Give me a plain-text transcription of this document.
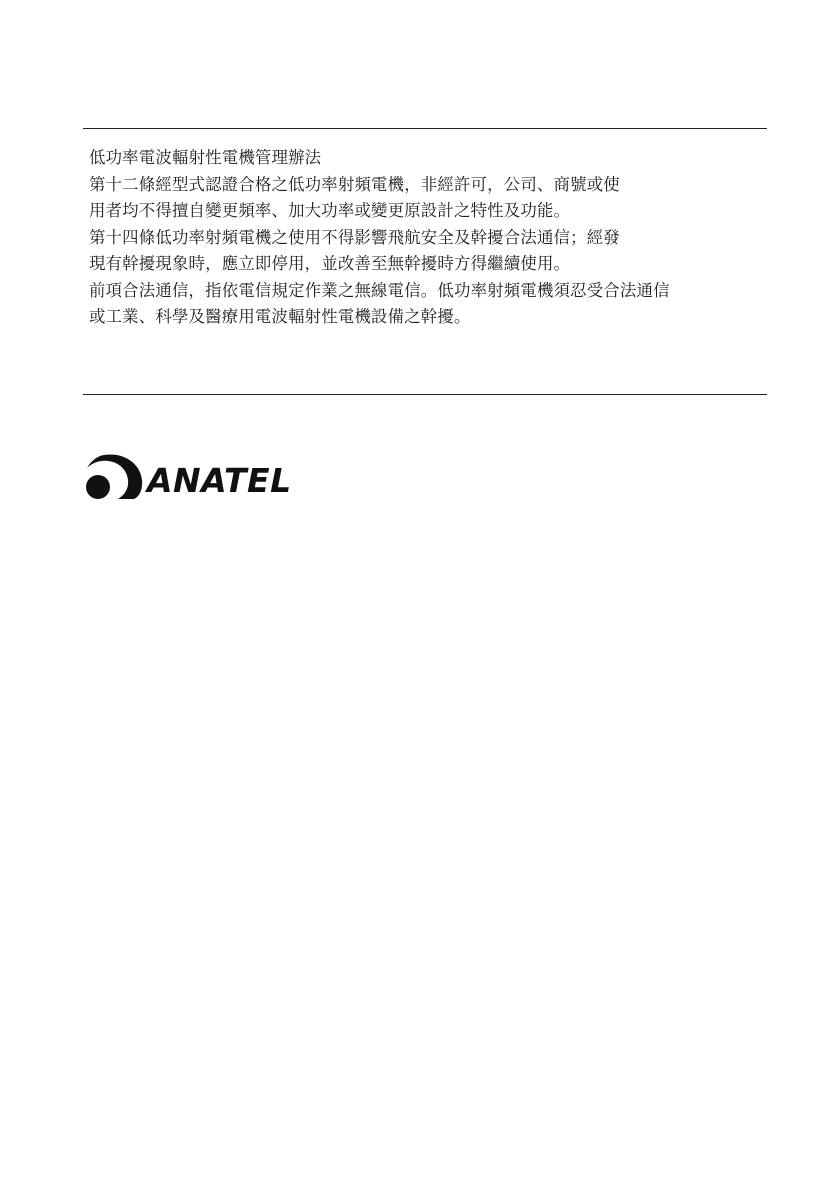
低功率電波輻射性電機管理辦法
第十二條經型式認證合格之低功率射頻電機，非經許可，公司、商號或使
用者均不得擅自變更頻率、加大功率或變更原設計之特性及功能。
第十四條低功率射頻電機之使用不得影響飛航安全及幹擾合法通信；經發
現有幹擾現象時，應立即停用，並改善至無幹擾時方得繼續使用。
前項合法通信，指依電信規定作業之無線電信。低功率射頻電機須忍受合法通信
或工業、科學及醫療用電波輻射性電機設備之幹擾。
ANATEL
